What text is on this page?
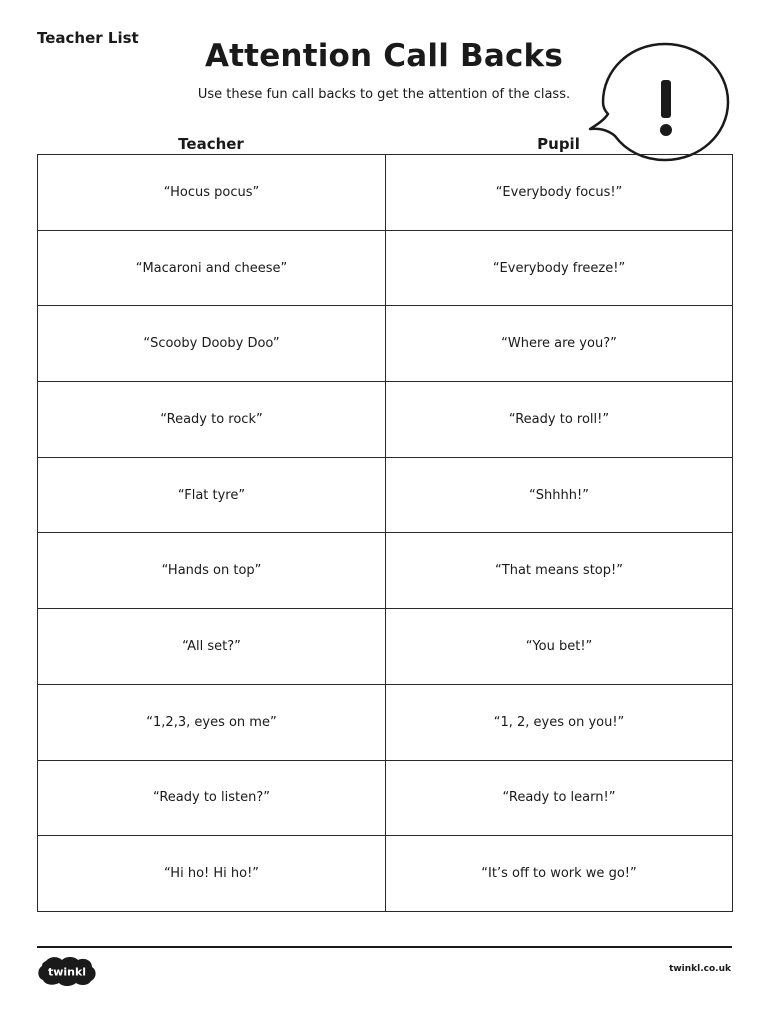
Teacher List	Attention Call Backs
Use these fun call backs to get the attention of the class.
Teacher	Pupil
“Hocus pocus”	“Everybody focus!”
“Macaroni and cheese”	“Everybody freeze!”
“Scooby Dooby Doo”	“Where are you?”
“Ready to rock”	“Ready to roll!”
“Flat tyre”	“Shhhh!”
“Hands on top”	“That means stop!”
“All set?”	“You bet!”
“1,2,3, eyes on me”	“1, 2, eyes on you!”
“Ready to listen?”	“Ready to learn!”
“Hi ho! Hi ho!”	“It’s off to work we go!”
twinkl	twinkl.co.uk
